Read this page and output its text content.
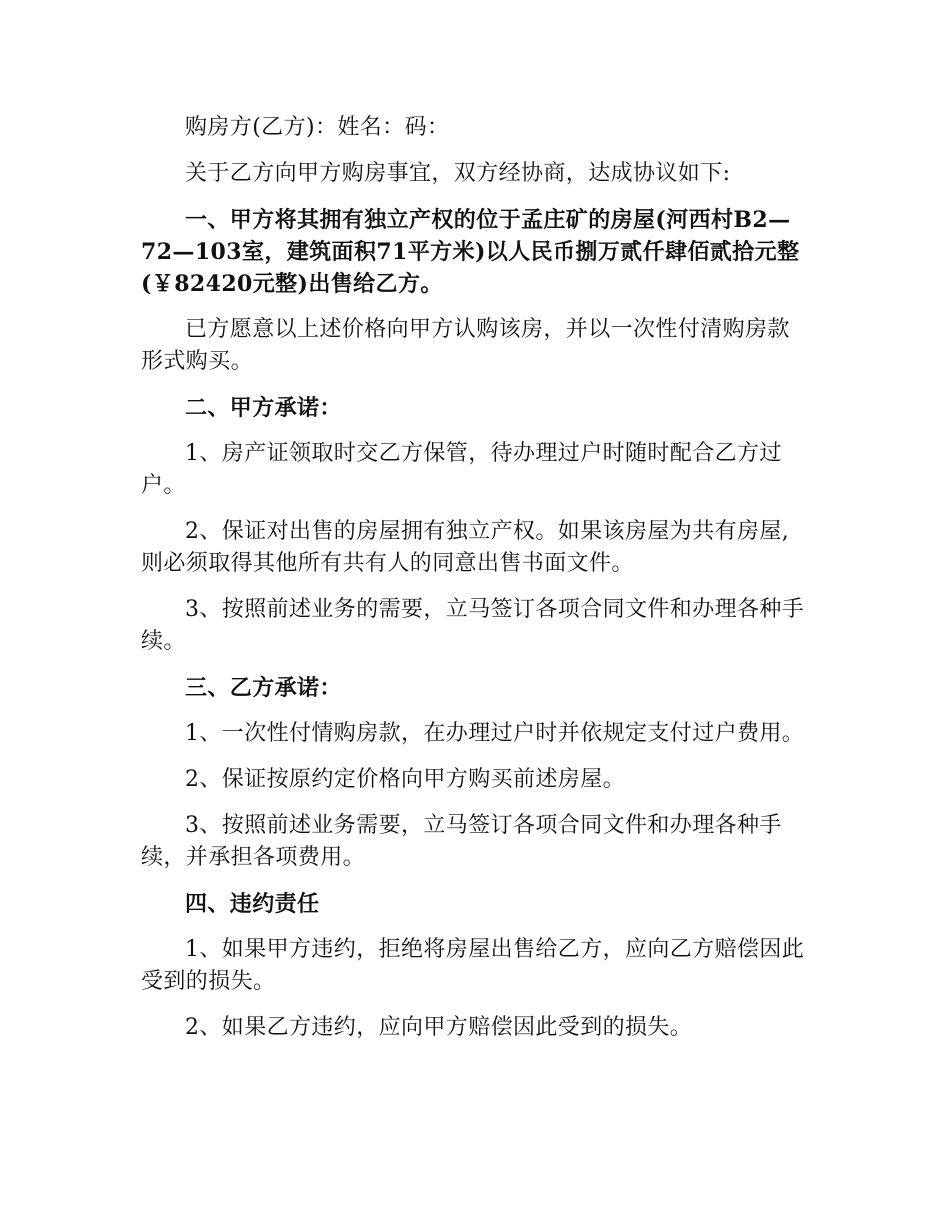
购房方(乙方)：姓名：码：

关于乙方向甲方购房事宜，双方经协商，达成协议如下:

一、甲方将其拥有独立产权的位于孟庄矿的房屋(河西村B2—72—103室，建筑面积71平方米)以人民币捌万贰仟肆佰贰拾元整(￥82420元整)出售给乙方。

已方愿意以上述价格向甲方认购该房，并以一次性付清购房款形式购买。

二、甲方承诺：

1、房产证领取时交乙方保管，待办理过户时随时配合乙方过户。

2、保证对出售的房屋拥有独立产权。如果该房屋为共有房屋,则必须取得其他所有共有人的同意出售书面文件。

3、按照前述业务的需要，立马签订各项合同文件和办理各种手续。

三、乙方承诺：

1、一次性付情购房款，在办理过户时并依规定支付过户费用。

2、保证按原约定价格向甲方购买前述房屋。

3、按照前述业务需要，立马签订各项合同文件和办理各种手续，并承担各项费用。

四、违约责任

1、如果甲方违约，拒绝将房屋出售给乙方，应向乙方赔偿因此受到的损失。

2、如果乙方违约，应向甲方赔偿因此受到的损失。
